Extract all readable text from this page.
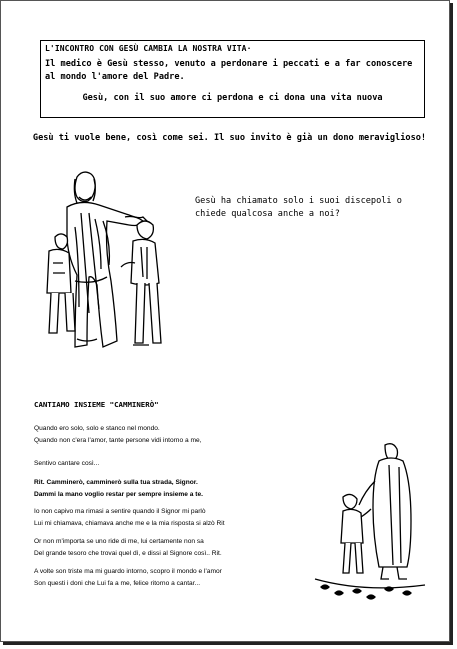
L'INCONTRO CON GESÙ CAMBIA LA NOSTRA VITA·
Il medico è Gesù stesso, venuto a perdonare i peccati e a far conoscere al mondo l'amore del Padre.
Gesù, con il suo amore ci perdona e ci dona una vita nuova
Gesù ti vuole bene, così come sei. Il suo invito è già un dono meraviglioso!
Gesù ha chiamato solo i suoi discepoli o chiede qualcosa anche a noi?
CANTIAMO INSIEME "CAMMINERÒ"
Quando ero solo, solo e stanco nel mondo.
Quando non c'era l'amor, tante persone vidi intorno a me,
Sentivo cantare così...
Rit. Camminerò, camminerò sulla tua strada, Signor.
Dammi la mano voglio restar per sempre insieme a te.
Io non capivo ma rimasi a sentire quando il Signor mi parlò
Lui mi chiamava, chiamava anche me e la mia risposta si alzò Rit
Or non m'importa se uno ride di me, lui certamente non sa
Del grande tesoro che trovai quel dì, e dissi al Signore così.. Rit.
A volte son triste ma mi guardo intorno, scopro il mondo e l'amor
Son questi i doni che Lui fa a me, felice ritorno a cantar...
